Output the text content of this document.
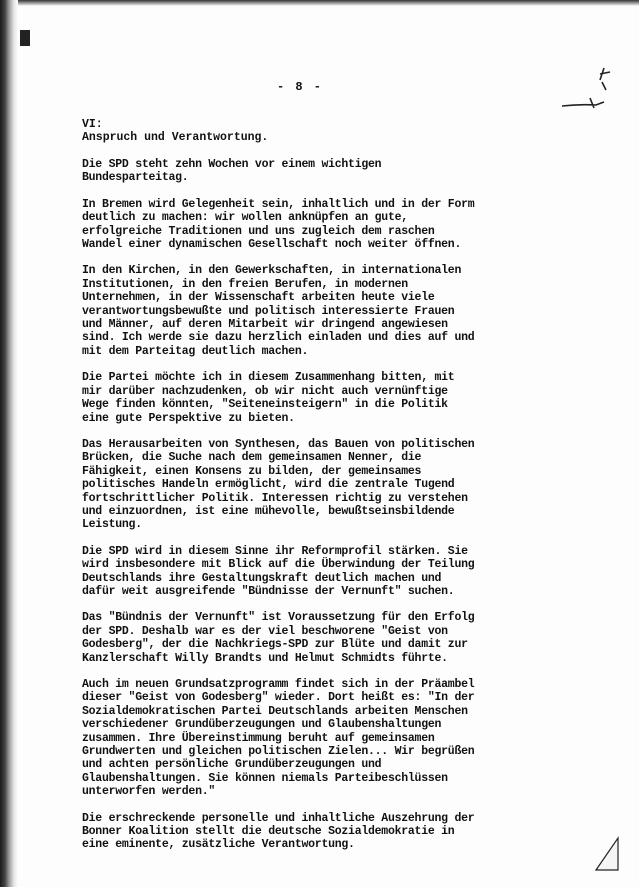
- 8 -
VI:
Anspruch und Verantwortung.
Die SPD steht zehn Wochen vor einem wichtigen
Bundesparteitag.
In Bremen wird Gelegenheit sein, inhaltlich und in der Form
deutlich zu machen: wir wollen anknüpfen an gute,
erfolgreiche Traditionen und uns zugleich dem raschen
Wandel einer dynamischen Gesellschaft noch weiter öffnen.
In den Kirchen, in den Gewerkschaften, in internationalen
Institutionen, in den freien Berufen, in modernen
Unternehmen, in der Wissenschaft arbeiten heute viele
verantwortungsbewußte und politisch interessierte Frauen
und Männer, auf deren Mitarbeit wir dringend angewiesen
sind. Ich werde sie dazu herzlich einladen und dies auf und
mit dem Parteitag deutlich machen.
Die Partei möchte ich in diesem Zusammenhang bitten, mit
mir darüber nachzudenken, ob wir nicht auch vernünftige
Wege finden könnten, "Seiteneinsteigern" in die Politik
eine gute Perspektive zu bieten.
Das Herausarbeiten von Synthesen, das Bauen von politischen
Brücken, die Suche nach dem gemeinsamen Nenner, die
Fähigkeit, einen Konsens zu bilden, der gemeinsames
politisches Handeln ermöglicht, wird die zentrale Tugend
fortschrittlicher Politik. Interessen richtig zu verstehen
und einzuordnen, ist eine mühevolle, bewußtseinsbildende
Leistung.
Die SPD wird in diesem Sinne ihr Reformprofil stärken. Sie
wird insbesondere mit Blick auf die Überwindung der Teilung
Deutschlands ihre Gestaltungskraft deutlich machen und
dafür weit ausgreifende "Bündnisse der Vernunft" suchen.
Das "Bündnis der Vernunft" ist Voraussetzung für den Erfolg
der SPD. Deshalb war es der viel beschworene "Geist von
Godesberg", der die Nachkriegs-SPD zur Blüte und damit zur
Kanzlerschaft Willy Brandts und Helmut Schmidts führte.
Auch im neuen Grundsatzprogramm findet sich in der Präambel
dieser "Geist von Godesberg" wieder. Dort heißt es: "In der
Sozialdemokratischen Partei Deutschlands arbeiten Menschen
verschiedener Grundüberzeugungen und Glaubenshaltungen
zusammen. Ihre Übereinstimmung beruht auf gemeinsamen
Grundwerten und gleichen politischen Zielen... Wir begrüßen
und achten persönliche Grundüberzeugungen und
Glaubenshaltungen. Sie können niemals Parteibeschlüssen
unterworfen werden."
Die erschreckende personelle und inhaltliche Auszehrung der
Bonner Koalition stellt die deutsche Sozialdemokratie in
eine eminente, zusätzliche Verantwortung.
